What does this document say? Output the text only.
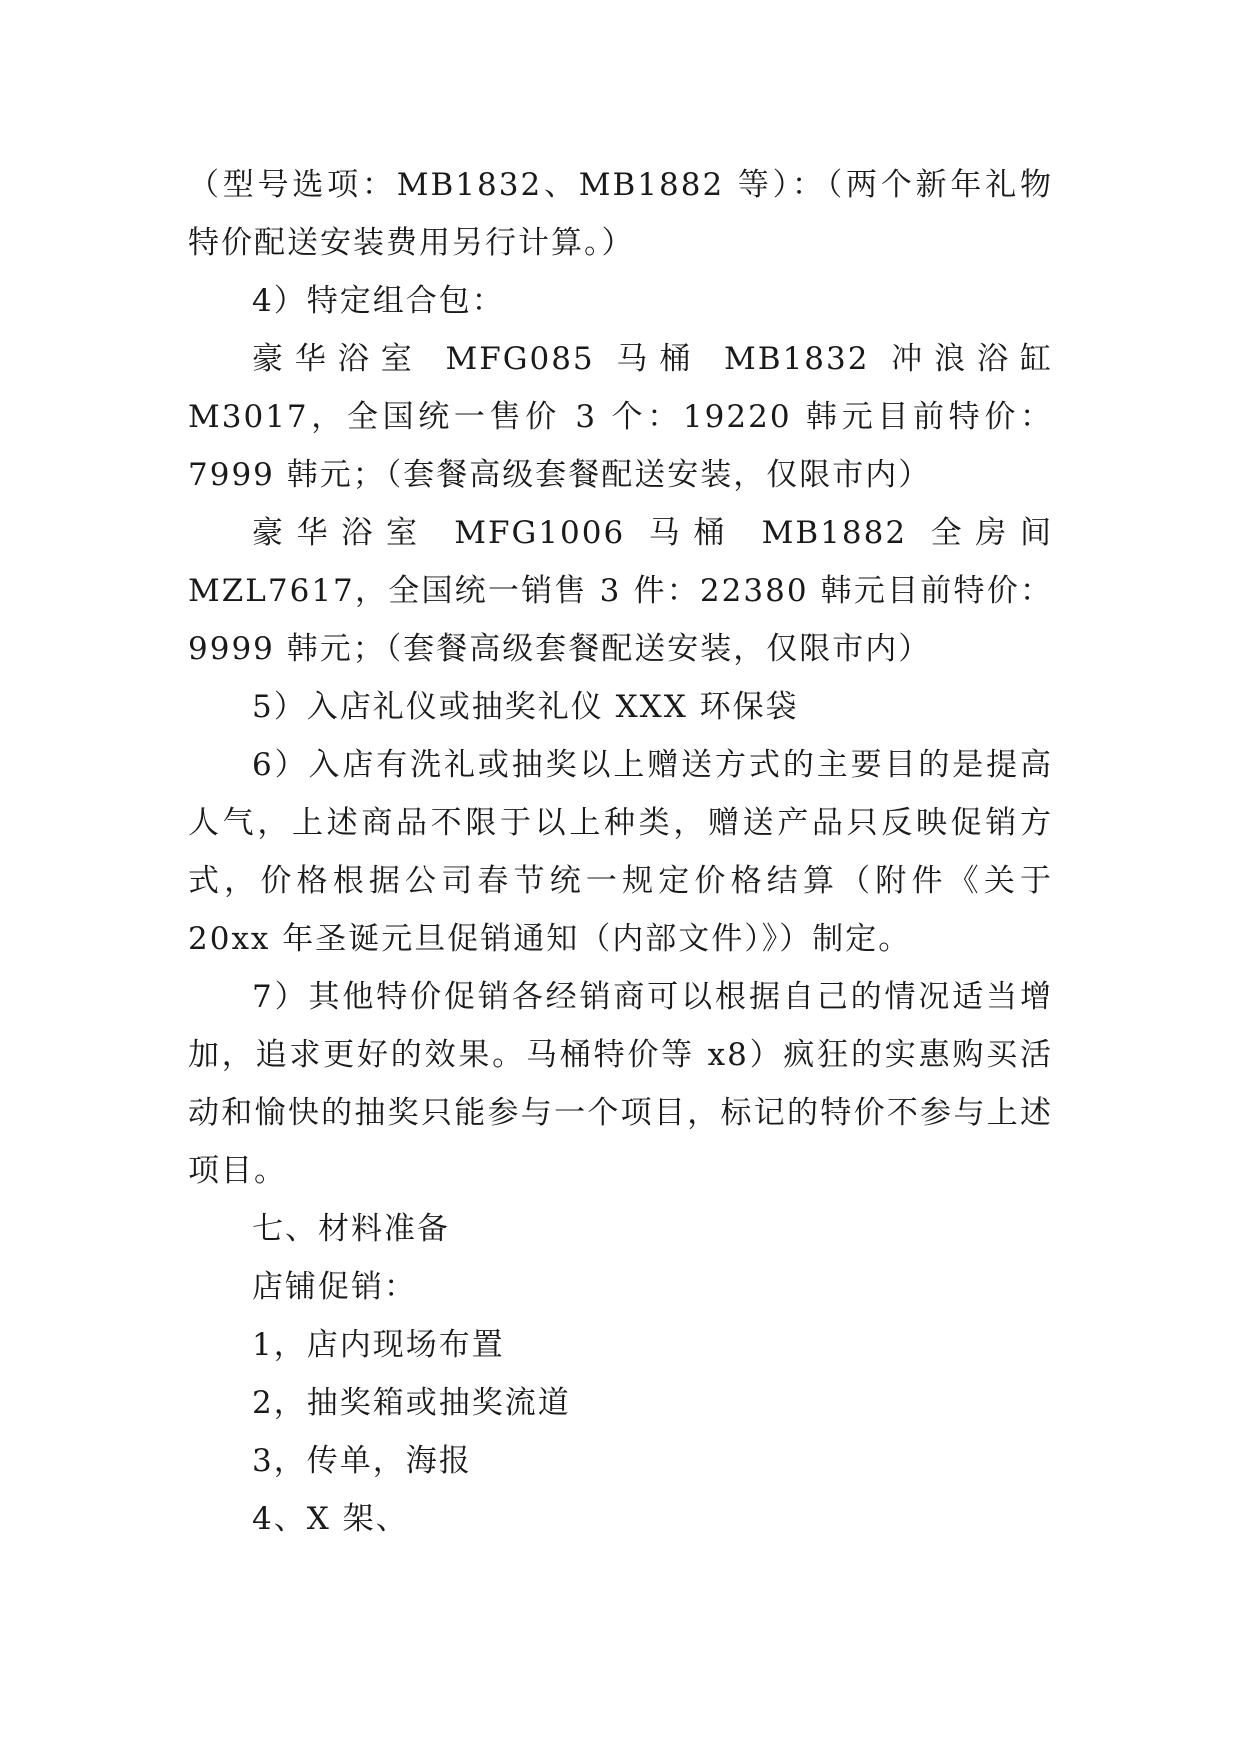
（型号选项：MB1832、MB1882 等）：（两个新年礼物特价配送安装费用另行计算。）

4）特定组合包：

豪华浴室 MFG085 马桶 MB1832 冲浪浴缸 M3017，全国统一售价 3 个：19220 韩元目前特价：7999 韩元；（套餐高级套餐配送安装，仅限市内）

豪华浴室 MFG1006 马桶 MB1882 全房间 MZL7617，全国统一销售 3 件：22380 韩元目前特价：9999 韩元；（套餐高级套餐配送安装，仅限市内）

5）入店礼仪或抽奖礼仪 XXX 环保袋

6）入店有洗礼或抽奖以上赠送方式的主要目的是提高人气，上述商品不限于以上种类，赠送产品只反映促销方式，价格根据公司春节统一规定价格结算（附件《关于 20xx 年圣诞元旦促销通知（内部文件）》）制定。

7）其他特价促销各经销商可以根据自己的情况适当增加，追求更好的效果。马桶特价等 x8）疯狂的实惠购买活动和愉快的抽奖只能参与一个项目，标记的特价不参与上述项目。

七、材料准备

店铺促销：

1，店内现场布置

2，抽奖箱或抽奖流道

3，传单，海报

4、X 架、
